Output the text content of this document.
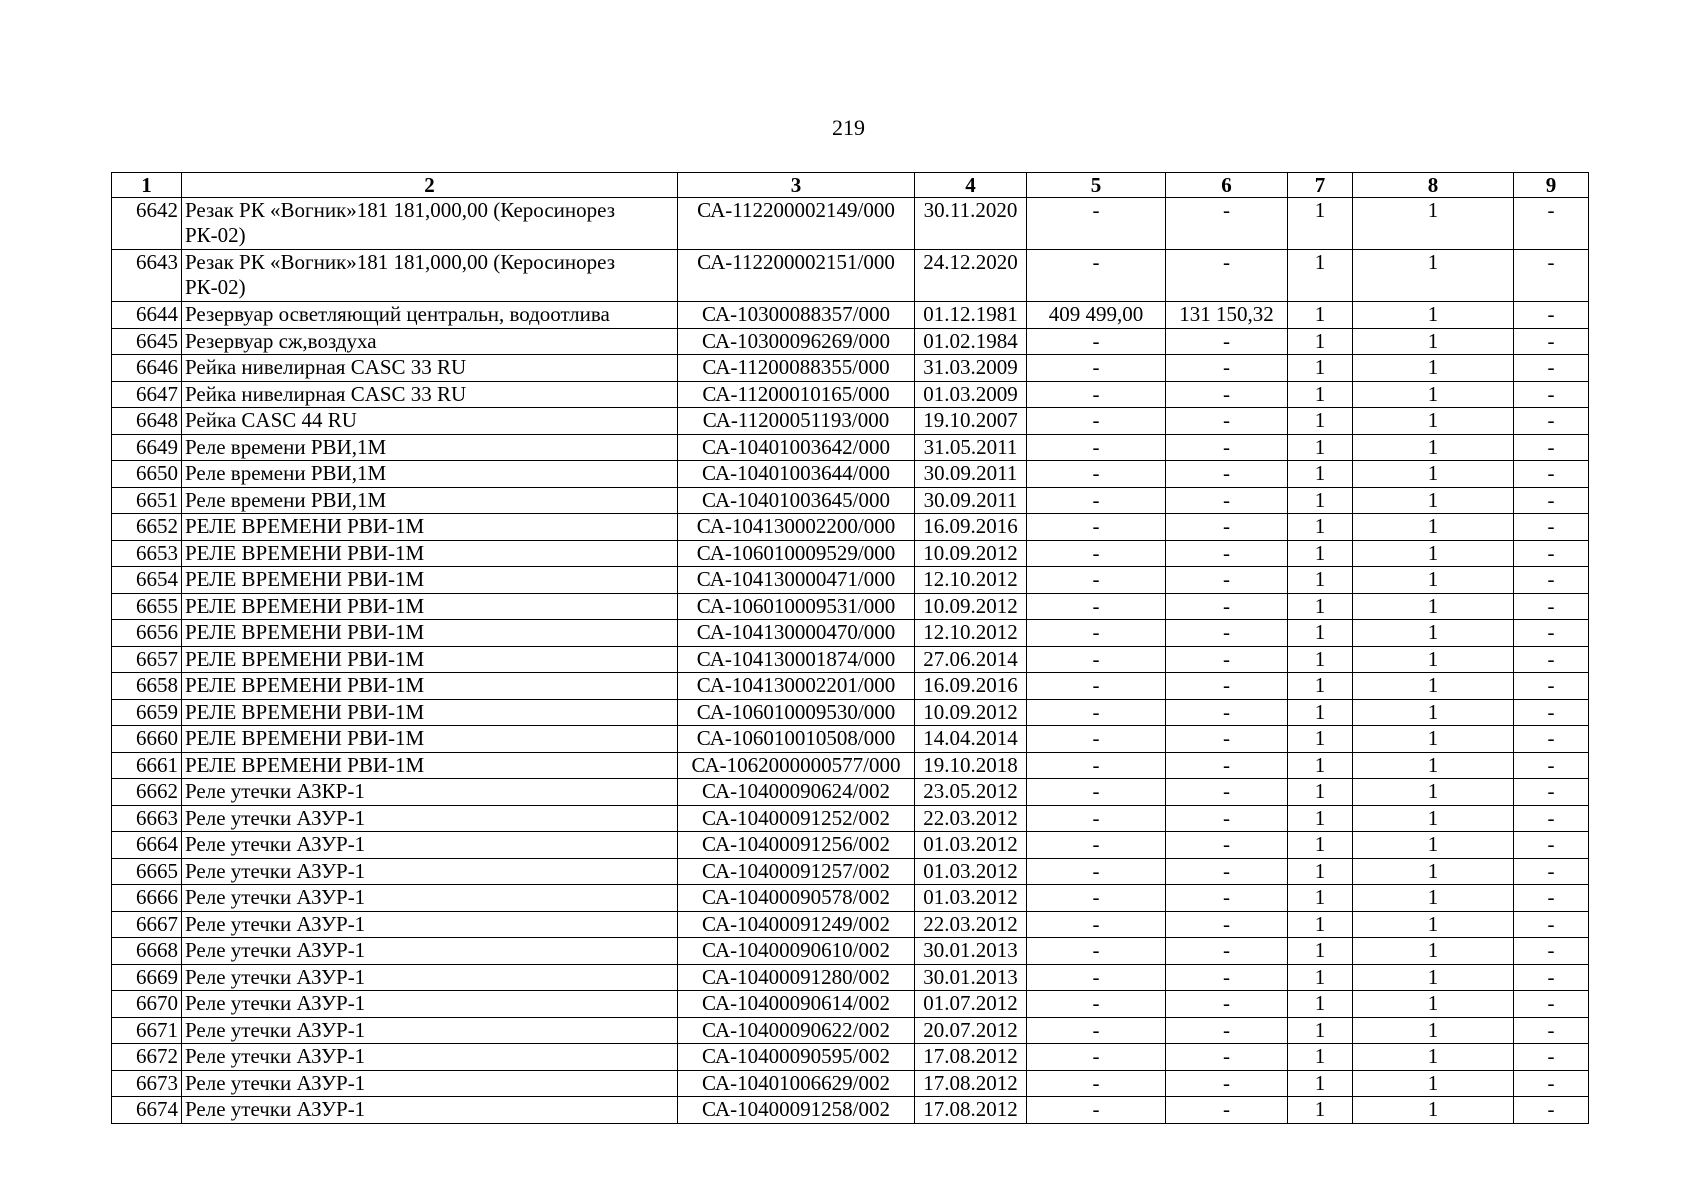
219
1	2	3	4	5	6	7	8	9
6642	Резак РК «Вогник»181 181,000,00 (Керосинорез РК-02)	СА-112200002149/000	30.11.2020	-	-	1	1	-
6643	Резак РК «Вогник»181 181,000,00 (Керосинорез РК-02)	СА-112200002151/000	24.12.2020	-	-	1	1	-
6644	Резервуар осветляющий центральн, водоотлива	СА-10300088357/000	01.12.1981	409 499,00	131 150,32	1	1	-
6645	Резервуар сж,воздуха	СА-10300096269/000	01.02.1984	-	-	1	1	-
6646	Рейка нивелирная CASC 33 RU	СА-11200088355/000	31.03.2009	-	-	1	1	-
6647	Рейка нивелирная CASC 33 RU	СА-11200010165/000	01.03.2009	-	-	1	1	-
6648	Рейка CASC 44 RU	СА-11200051193/000	19.10.2007	-	-	1	1	-
6649	Реле времени РВИ,1М	СА-10401003642/000	31.05.2011	-	-	1	1	-
6650	Реле времени РВИ,1М	СА-10401003644/000	30.09.2011	-	-	1	1	-
6651	Реле времени РВИ,1М	СА-10401003645/000	30.09.2011	-	-	1	1	-
6652	РЕЛЕ ВРЕМЕНИ РВИ-1М	СА-104130002200/000	16.09.2016	-	-	1	1	-
6653	РЕЛЕ ВРЕМЕНИ РВИ-1М	СА-106010009529/000	10.09.2012	-	-	1	1	-
6654	РЕЛЕ ВРЕМЕНИ РВИ-1М	СА-104130000471/000	12.10.2012	-	-	1	1	-
6655	РЕЛЕ ВРЕМЕНИ РВИ-1М	СА-106010009531/000	10.09.2012	-	-	1	1	-
6656	РЕЛЕ ВРЕМЕНИ РВИ-1М	СА-104130000470/000	12.10.2012	-	-	1	1	-
6657	РЕЛЕ ВРЕМЕНИ РВИ-1М	СА-104130001874/000	27.06.2014	-	-	1	1	-
6658	РЕЛЕ ВРЕМЕНИ РВИ-1М	СА-104130002201/000	16.09.2016	-	-	1	1	-
6659	РЕЛЕ ВРЕМЕНИ РВИ-1М	СА-106010009530/000	10.09.2012	-	-	1	1	-
6660	РЕЛЕ ВРЕМЕНИ РВИ-1М	СА-106010010508/000	14.04.2014	-	-	1	1	-
6661	РЕЛЕ ВРЕМЕНИ РВИ-1М	СА-1062000000577/000	19.10.2018	-	-	1	1	-
6662	Реле утечки АЗКР-1	СА-10400090624/002	23.05.2012	-	-	1	1	-
6663	Реле утечки АЗУР-1	СА-10400091252/002	22.03.2012	-	-	1	1	-
6664	Реле утечки АЗУР-1	СА-10400091256/002	01.03.2012	-	-	1	1	-
6665	Реле утечки АЗУР-1	СА-10400091257/002	01.03.2012	-	-	1	1	-
6666	Реле утечки АЗУР-1	СА-10400090578/002	01.03.2012	-	-	1	1	-
6667	Реле утечки АЗУР-1	СА-10400091249/002	22.03.2012	-	-	1	1	-
6668	Реле утечки АЗУР-1	СА-10400090610/002	30.01.2013	-	-	1	1	-
6669	Реле утечки АЗУР-1	СА-10400091280/002	30.01.2013	-	-	1	1	-
6670	Реле утечки АЗУР-1	СА-10400090614/002	01.07.2012	-	-	1	1	-
6671	Реле утечки АЗУР-1	СА-10400090622/002	20.07.2012	-	-	1	1	-
6672	Реле утечки АЗУР-1	СА-10400090595/002	17.08.2012	-	-	1	1	-
6673	Реле утечки АЗУР-1	СА-10401006629/002	17.08.2012	-	-	1	1	-
6674	Реле утечки АЗУР-1	СА-10400091258/002	17.08.2012	-	-	1	1	-
